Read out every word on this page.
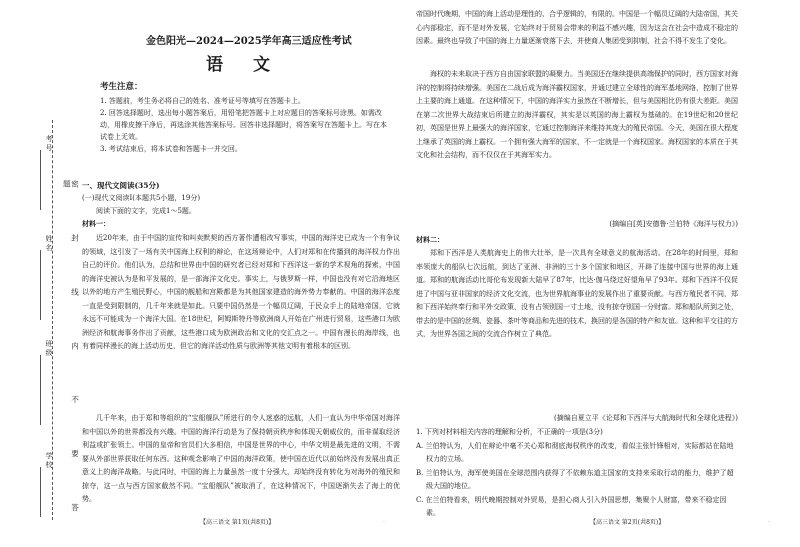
考号
姓名
班级
学校	密 封 线 内 不 要 答 题
金色阳光—2024—2025学年高三适应性考试
语文

考生注意：

1. 答题前，考生务必将自己的姓名、准考证号等填写在答题卡上。

2. 回答选择题时，选出每小题答案后，用铅笔把答题卡上对应题目的答案标号涂黑。如需改动，用橡皮擦干净后，再选涂其他答案标号。回答非选择题时，将答案写在答题卡上。写在本试卷上无效。

3. 考试结束后，将本试卷和答题卡一并交回。

一、现代文阅读(35分)
(一)现代文阅读Ⅰ(本题共5小题，19分)
阅读下面的文字，完成1～5题。
材料一：

近20年来，由于中国的宣传和叫卖默契的西方著作遭相改写事实，中国的海洋史已成为一个有争议的领域，这引发了一场有关中国海上权利的辩论，在这场辩论中，人们对郑和在传播到的海洋权力作出自己的评价。他们认为，总结和世界由中国的研究者已经对郑和下西洋这一新的学术视角的探索，中国的海洋史被认为是和平发展的，是一部海洋文化史。事实上，与俄罗斯一样，中国也没有对它沿海地区以外的地方产生殖民野心，中国的舰船和宫殿都是为其他国家建造的海外势力奉献的。中国的海洋态度一直是受到限制的，几千年来就是如此。只要中国仍然是一个幅员辽阔，于民众手上的陆地帝国，它就永远不可能成为一个海洋大国。在18世纪，阿姆斯特丹等欧洲商人开始在广州进行贸易，这些港口为欧洲经济和航海事务作出了贡献，这些港口成为欧洲政治和文化的交汇点之一。中国有漫长的海岸线，也有着同样漫长的海上活动历史，但它的海洋活动性质与欧洲等其他文明有着根本的区别。

几千年来，由于郑和等组织的“宝船舰队”所进行的令人迷惑的远航，人们一直认为中华帝国对海洋和中国以外的世界都没有兴趣。中国的海洋行动是为了保持朝贡秩序和体现天朝威仪的，而非谋取经济利益或扩张领土。中国的皇帝和官员们大多相信，中国是世界的中心，中华文明是最先进的文明，不需要从外部世界获取任何东西。这种观念影响了中国的海洋政策，使中国在近代以前始终没有发展出真正意义上的海洋战略。与此同时，中国的海上力量虽然一度十分强大，却始终没有转化为对海外的殖民和掠夺，这一点与西方国家截然不同。“宝船舰队”被取消了，在这种情况下，中国逐渐失去了海上的优势。

帝国时代晚期，中国的海上活动是理性的、合乎逻辑的，有限的。中国是一个幅员辽阔的大陆帝国，其关心内部稳定，而不是对外发展，它始终对于贸易会带来的利益不感兴趣，因为这会在社会中造成不稳定的因素。最终也导致了中国的海上力量逐渐衰落下去，并使商人集团受到抑制，社会不得不发生了变化。

海权的未来取决于西方自由国家联盟的凝聚力。当美国还在继续提供高端保护的同时，西方国家对海洋的控制将持续增强。美国在二战后成为海洋霸权国家，并通过建立全球性的海军基地网络，控制了世界上主要的海上通道。在这种情况下，中国的海洋实力虽然在不断增长，但与美国相比仍有很大差距。美国在第二次世界大战结束后所建立的海洋霸权，其实是以英国的海上霸权为基础的。在19世纪和20世纪初，英国是世界上最强大的海洋国家，它通过控制海洋来维持其庞大的殖民帝国。今天，美国在很大程度上继承了英国的海上霸权。一个拥有强大海军的国家，不一定就是一个海权国家。海权国家的本质在于其文化和社会结构，而不仅仅在于其海军实力。

(摘编自[英]安德鲁·兰伯特《海洋与权力》)

材料二：

郑和下西洋是人类航海史上的伟大壮举，是一次具有全球意义的航海活动。在28年的时间里，郑和率领庞大的船队七次远航，到达了亚洲、非洲的三十多个国家和地区，开辟了连接中国与世界的海上通道。郑和的航海活动比哥伦布发现新大陆早了87年，比达·伽马绕过好望角早了93年。郑和下西洋不仅促进了中国与亚非国家的经济文化交流，也为世界航海事业的发展作出了重要贡献。与西方殖民者不同，郑和下西洋始终奉行和平外交政策，没有占领别国一寸土地，没有掠夺别国一分财富。郑和船队所到之处，带去的是中国的丝绸、瓷器、茶叶等商品和先进的技术，换回的是各国的特产和友谊。这种和平交往的方式，为世界各国之间的交流合作树立了典范。

(摘编自夏立平《论郑和下西洋与大航海时代和全球化进程》)

1. 下列对材料相关内容的理解和分析，不正确的一项是(3分)

A. 兰伯特认为，人们在辩论中毫不关心郑和彻底海权秩序的改变，看似主张针锋相对，实际都站在陆地权力的立场。

B. 兰伯特认为，海军使美国在全球范围内获得了不依赖东道主国家的支持来采取行动的能力，维护了超级大国的地位。

C. 在兰伯特看来，明代晚期控制对外贸易，是担心商人引入外国思想，集聚个人财富，带来不稳定因素。

【高三语文 第1页(共8页)】	【高三语文 第2页(共8页)】
·	·
